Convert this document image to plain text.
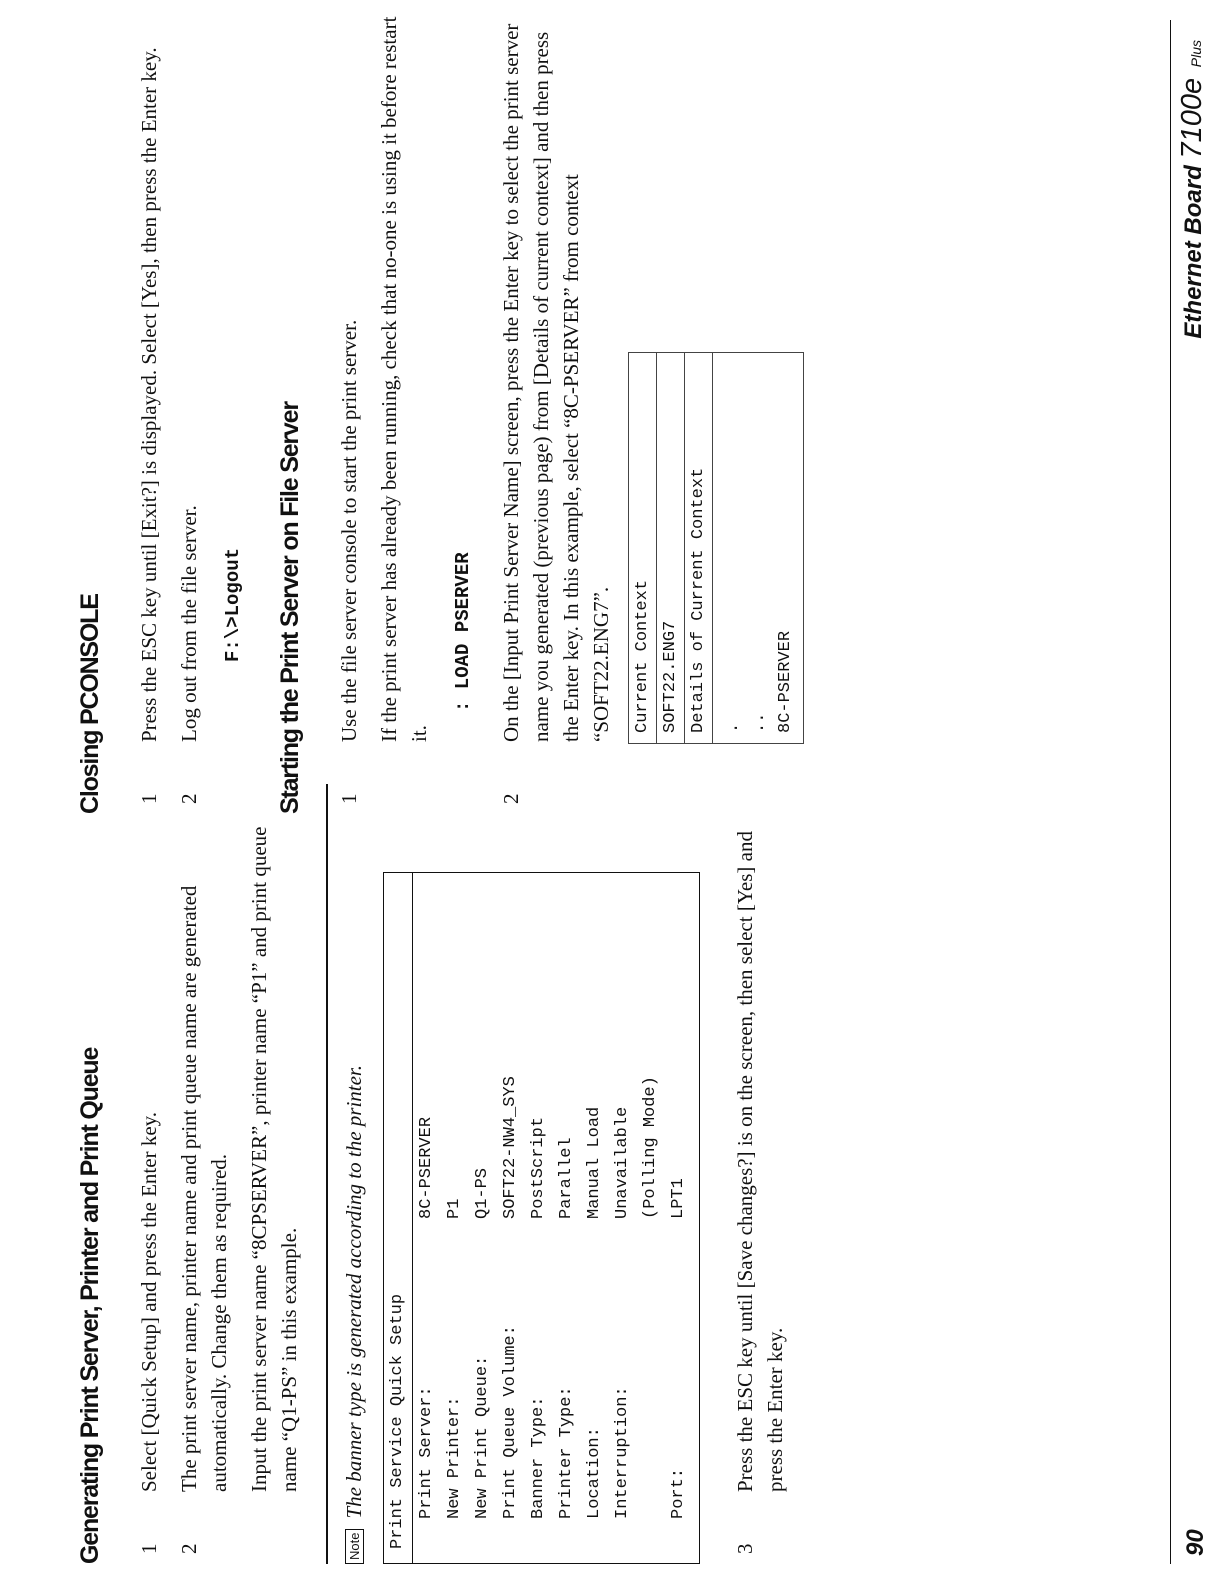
Generating Print Server, Printer and Print Queue 1
Select [Quick Setup] and press the Enter key.
2
The print server name, printer name and print queue name are generated automatically. Change them as required. Input the print server name “8CPSERVER”, printer name “P1” and print queue name “Q1-PS” in this example.
Note
The banner type is generated according to the printer. Print Service Quick Setup Print Server:
8C-PSERVER
New Printer:
P1
New Print Queue:
Q1-PS
Print Queue Volume:
SOFT22-NW4_SYS
Banner Type:
PostScript
Printer Type:
Parallel
Location:
Manual Load
Interruption:
Unavailable (Polling Mode)
Port:
LPT1
3
Press the ESC key until [Save changes?] is on the screen, then select [Yes] and press the Enter key.
Closing PCONSOLE 1
Press the ESC key until [Exit?] is displayed. Select [Yes], then press the Enter key.
2
Log out from the file server. F:\>Logout Starting the Print Server on File Server 1
Use the file server console to start the print server. If the print server has already been running, check that no-one is using it before restart it.
: LOAD PSERVER
2
On the [Input Print Server Name] screen, press the Enter key to select the print server name you generated (previous page) from [Details of current context] and then press the Enter key. In this example, select “8C-PSERVER” from context “SOFT22.ENG7”. Current Context SOFT22.ENG7 Details of Current Context . .. 8C-PSERVER
90
Ethernet Board 7100e Plus
